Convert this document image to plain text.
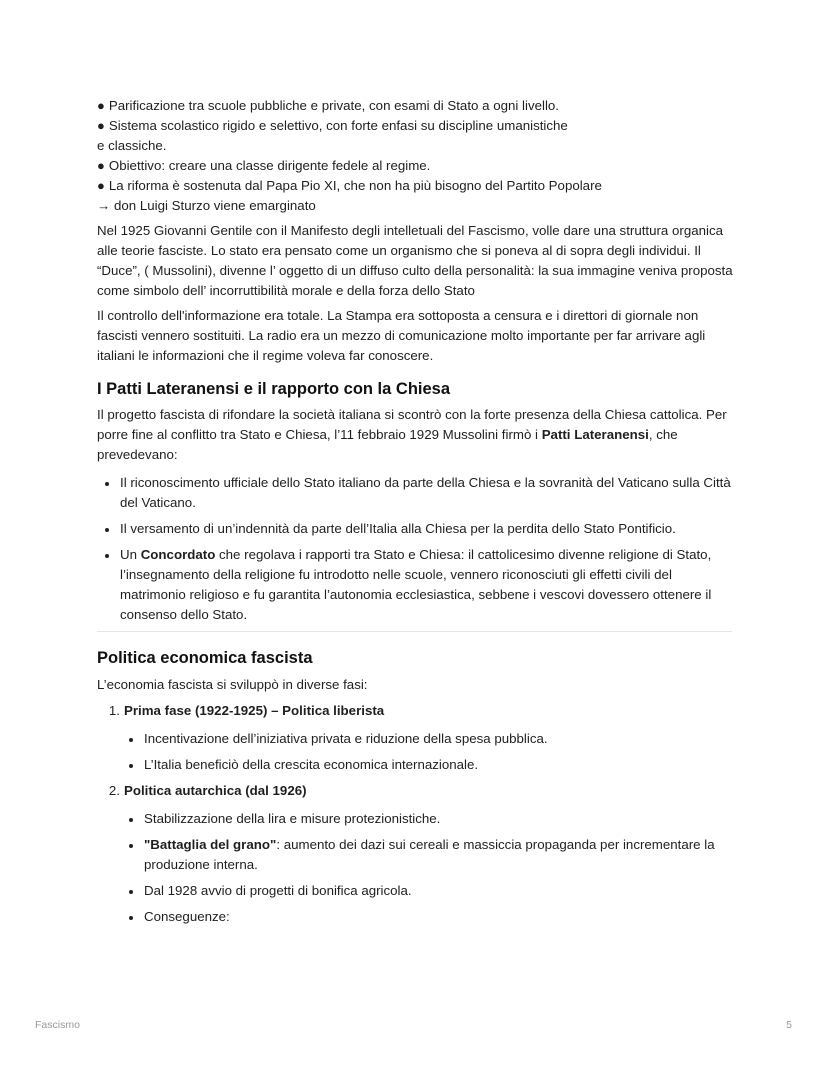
● Parificazione tra scuole pubbliche e private, con esami di Stato a ogni livello.

● Sistema scolastico rigido e selettivo, con forte enfasi su discipline umanistiche

e classiche.

● Obiettivo: creare una classe dirigente fedele al regime.

● La riforma è sostenuta dal Papa Pio XI, che non ha più bisogno del Partito Popolare

→ don Luigi Sturzo viene emarginato

Nel 1925 Giovanni Gentile con il Manifesto degli intelletuali del Fascismo, volle dare una struttura organica alle teorie fasciste. Lo stato era pensato come un organismo che si poneva al di sopra degli individui. Il “Duce”, ( Mussolini), divenne l’ oggetto di un diffuso culto della personalità: la sua immagine veniva proposta come simbolo dell’ incorruttibilità morale e della forza dello Stato
Il controllo dell'informazione era totale. La Stampa era sottoposta a censura e i direttori di giornale non fascisti vennero sostituiti. La radio era un mezzo di comunicazione molto importante per far arrivare agli italiani le informazioni che il regime voleva far conoscere.
I Patti Lateranensi e il rapporto con la Chiesa

Il progetto fascista di rifondare la società italiana si scontrò con la forte presenza della Chiesa cattolica. Per porre fine al conflitto tra Stato e Chiesa, l’11 febbraio 1929 Mussolini firmò i Patti Lateranensi, che prevedevano:

Il riconoscimento ufficiale dello Stato italiano da parte della Chiesa e la sovranità del Vaticano sulla Città del Vaticano.
Il versamento di un’indennità da parte dell’Italia alla Chiesa per la perdita dello Stato Pontificio.
Un Concordato che regolava i rapporti tra Stato e Chiesa: il cattolicesimo divenne religione di Stato, l’insegnamento della religione fu introdotto nelle scuole, vennero riconosciuti gli effetti civili del matrimonio religioso e fu garantita l’autonomia ecclesiastica, sebbene i vescovi dovessero ottenere il consenso dello Stato.
Politica economica fascista

L’economia fascista si sviluppò in diverse fasi:

1. Prima fase (1922-1925) – Politica liberista

Incentivazione dell’iniziativa privata e riduzione della spesa pubblica.
L’Italia beneficiò della crescita economica internazionale.

2. Politica autarchica (dal 1926)

Stabilizzazione della lira e misure protezionistiche.
"Battaglia del grano": aumento dei dazi sui cereali e massiccia propaganda per incrementare la produzione interna.
Dal 1928 avvio di progetti di bonifica agricola.
Conseguenze:
Fascismo	5
